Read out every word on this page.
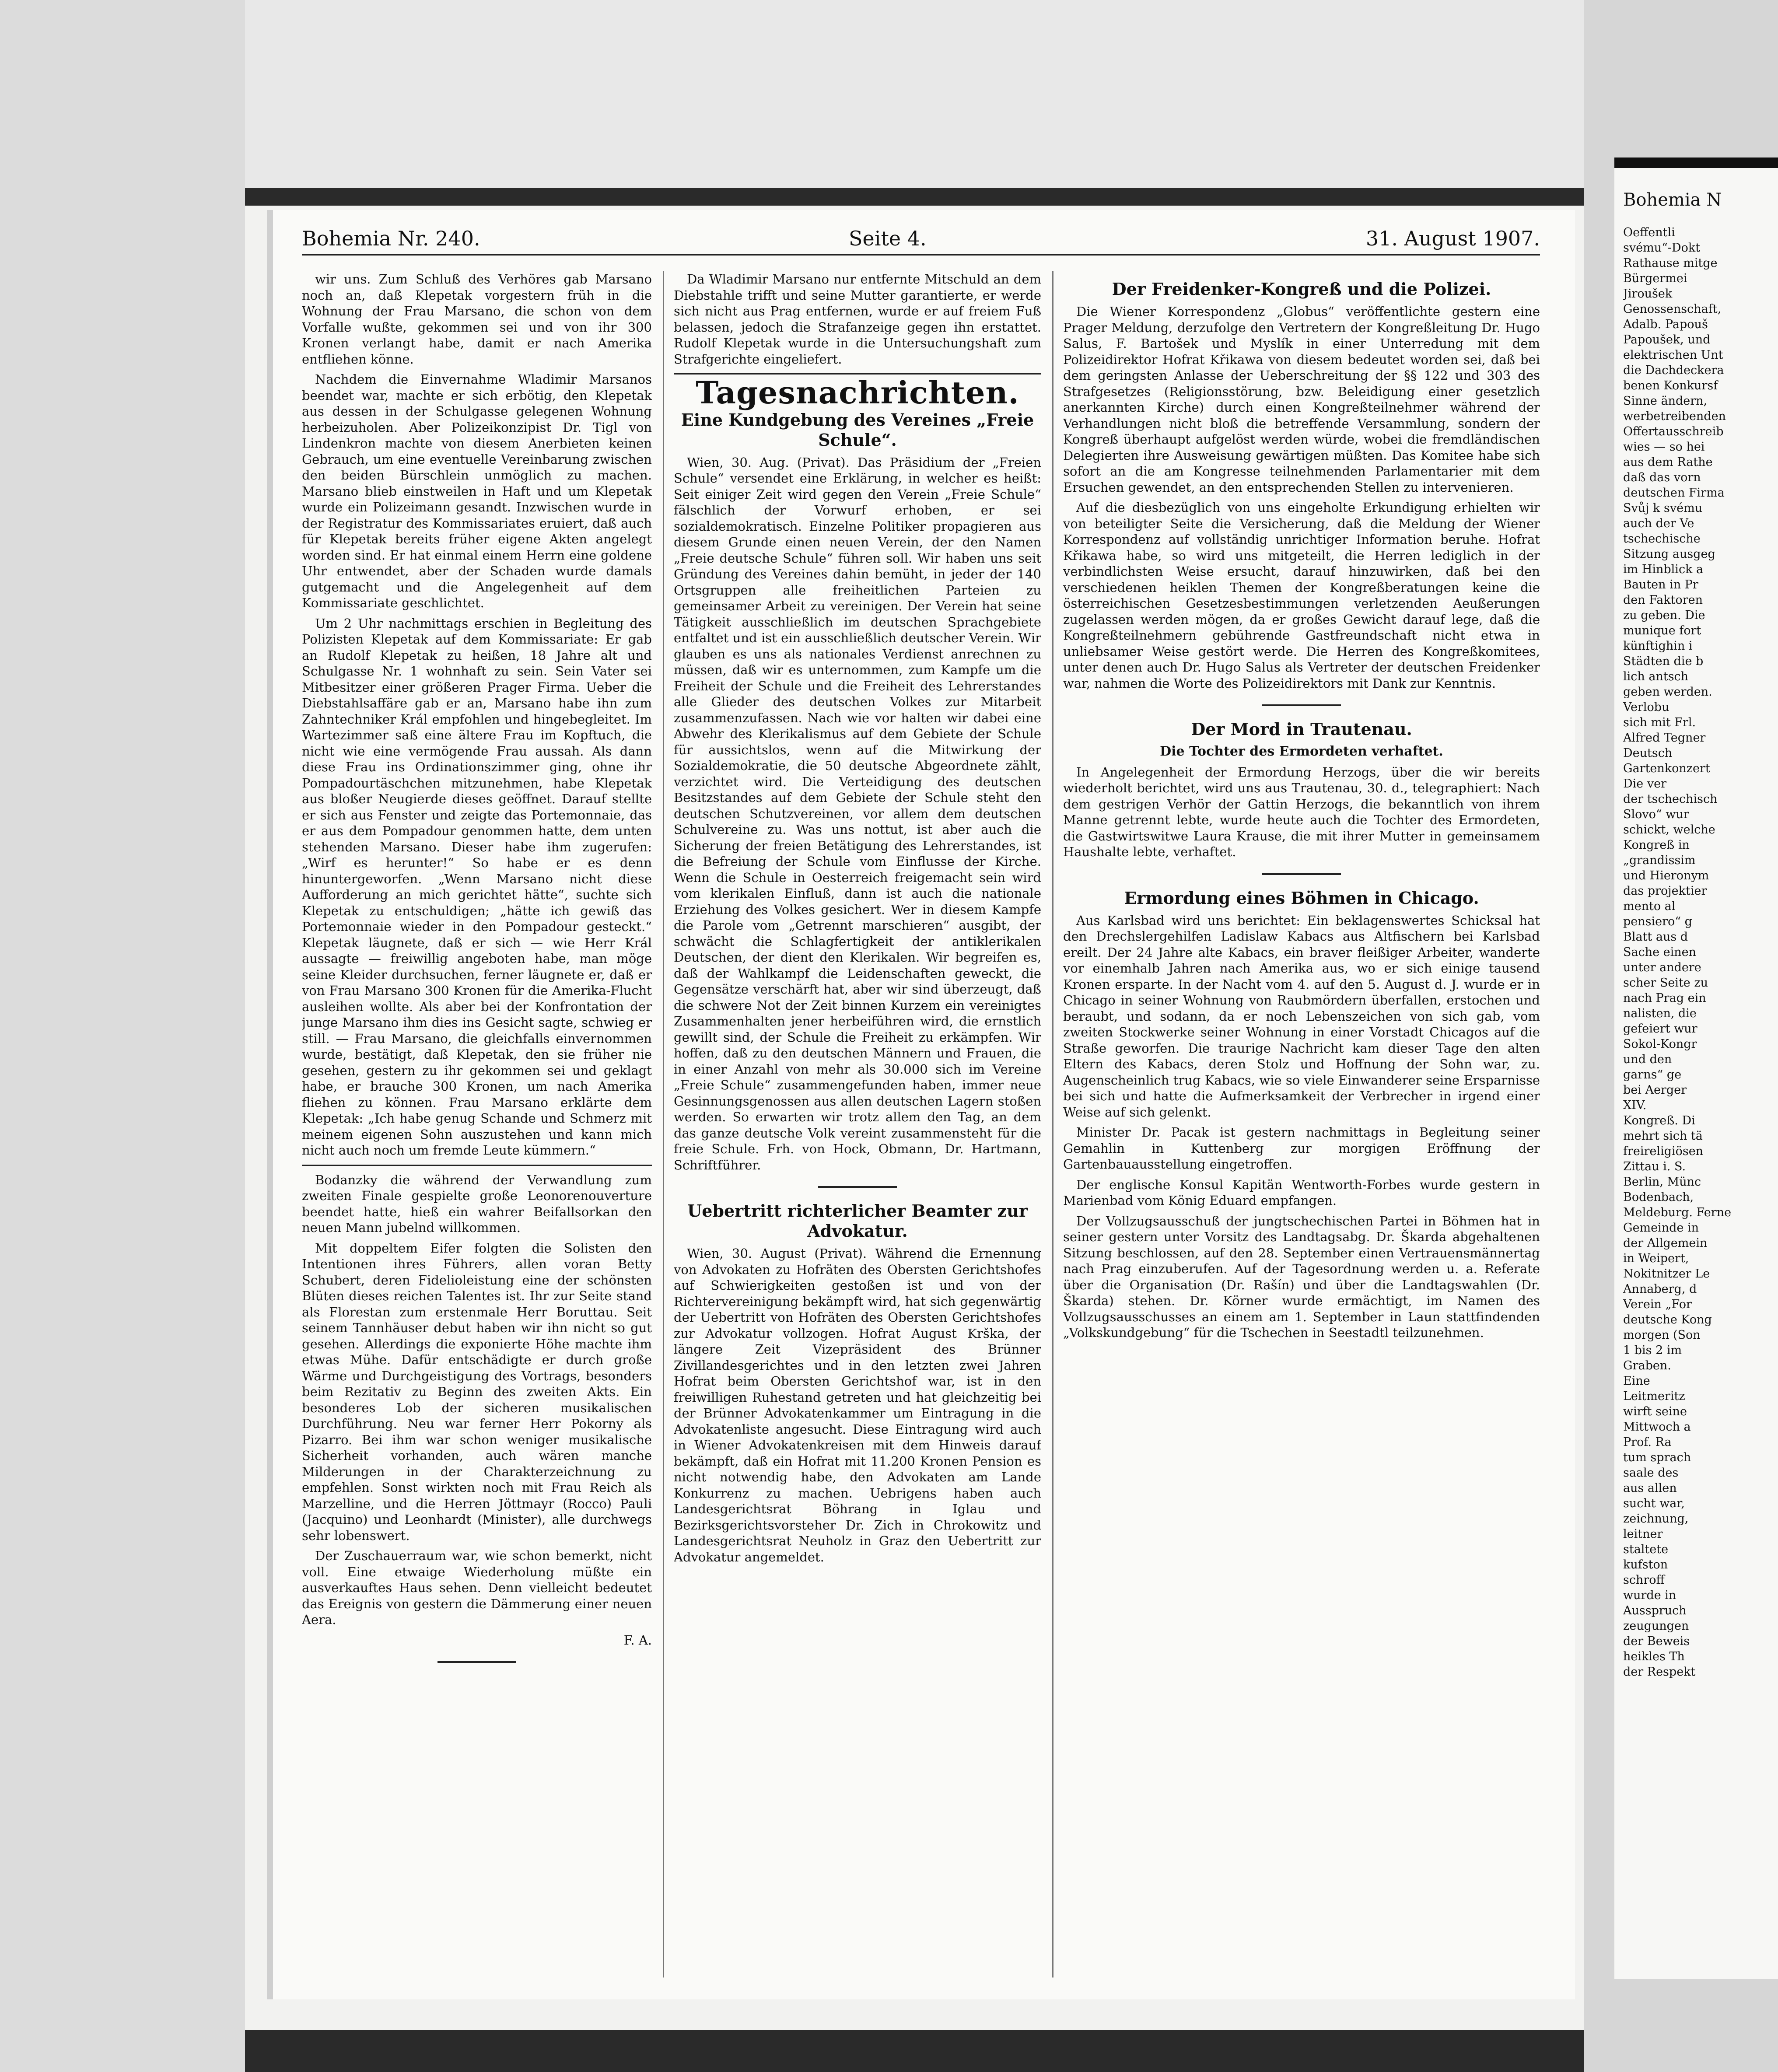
Bohemia Nr. 240.	Seite 4.	31. August 1907.

wir uns. Zum Schluß des Verhöres gab Marsano noch an, daß Klepetak vorgestern früh in die Wohnung der Frau Marsano, die schon von dem Vorfalle wußte, gekommen sei und von ihr 300 Kronen verlangt habe, damit er nach Amerika entfliehen könne.

Nachdem die Einvernahme Wladimir Marsanos beendet war, machte er sich erbötig, den Klepetak aus dessen in der Schulgasse gelegenen Wohnung herbeizuholen. Aber Polizeikonzipist Dr. Tigl von Lindenkron machte von diesem Anerbieten keinen Gebrauch, um eine eventuelle Vereinbarung zwischen den beiden Bürschlein unmöglich zu machen. Marsano blieb einstweilen in Haft und um Klepetak wurde ein Polizeimann gesandt. Inzwischen wurde in der Registratur des Kommissariates eruiert, daß auch für Klepetak bereits früher eigene Akten angelegt worden sind. Er hat einmal einem Herrn eine goldene Uhr entwendet, aber der Schaden wurde damals gutgemacht und die Angelegenheit auf dem Kommissariate geschlichtet.

Um 2 Uhr nachmittags erschien in Begleitung des Polizisten Klepetak auf dem Kommissariate: Er gab an Rudolf Klepetak zu heißen, 18 Jahre alt und Schulgasse Nr. 1 wohnhaft zu sein. Sein Vater sei Mitbesitzer einer größeren Prager Firma. Ueber die Diebstahlsaffäre gab er an, Marsano habe ihn zum Zahntechniker Král empfohlen und hingebegleitet. Im Wartezimmer saß eine ältere Frau im Kopftuch, die nicht wie eine vermögende Frau aussah. Als dann diese Frau ins Ordinationszimmer ging, ohne ihr Pompadourtäschchen mitzunehmen, habe Klepetak aus bloßer Neugierde dieses geöffnet. Darauf stellte er sich aus Fenster und zeigte das Portemonnaie, das er aus dem Pompadour genommen hatte, dem unten stehenden Marsano. Dieser habe ihm zugerufen: „Wirf es herunter!“ So habe er es denn hinuntergeworfen. „Wenn Marsano nicht diese Aufforderung an mich gerichtet hätte“, suchte sich Klepetak zu entschuldigen; „hätte ich gewiß das Portemonnaie wieder in den Pompadour gesteckt.“ Klepetak läugnete, daß er sich — wie Herr Král aussagte — freiwillig angeboten habe, man möge seine Kleider durchsuchen, ferner läugnete er, daß er von Frau Marsano 300 Kronen für die Amerika-Flucht ausleihen wollte. Als aber bei der Konfrontation der junge Marsano ihm dies ins Gesicht sagte, schwieg er still. — Frau Marsano, die gleichfalls einvernommen wurde, bestätigt, daß Klepetak, den sie früher nie gesehen, gestern zu ihr gekommen sei und geklagt habe, er brauche 300 Kronen, um nach Amerika fliehen zu können. Frau Marsano erklärte dem Klepetak: „Ich habe genug Schande und Schmerz mit meinem eigenen Sohn auszustehen und kann mich nicht auch noch um fremde Leute kümmern.“

Bodanzky die während der Verwandlung zum zweiten Finale gespielte große Leonorenouverture beendet hatte, hieß ein wahrer Beifallsorkan den neuen Mann jubelnd willkommen.

Mit doppeltem Eifer folgten die Solisten den Intentionen ihres Führers, allen voran Betty Schubert, deren Fidelioleistung eine der schönsten Blüten dieses reichen Talentes ist. Ihr zur Seite stand als Florestan zum erstenmale Herr Boruttau. Seit seinem Tannhäuser debut haben wir ihn nicht so gut gesehen. Allerdings die exponierte Höhe machte ihm etwas Mühe. Dafür entschädigte er durch große Wärme und Durchgeistigung des Vortrags, besonders beim Rezitativ zu Beginn des zweiten Akts. Ein besonderes Lob der sicheren musikalischen Durchführung. Neu war ferner Herr Pokorny als Pizarro. Bei ihm war schon weniger musikalische Sicherheit vorhanden, auch wären manche Milderungen in der Charakterzeichnung zu empfehlen. Sonst wirkten noch mit Frau Reich als Marzelline, und die Herren Jöttmayr (Rocco) Pauli (Jacquino) und Leonhardt (Minister), alle durchwegs sehr lobenswert.

Der Zuschauerraum war, wie schon bemerkt, nicht voll. Eine etwaige Wiederholung müßte ein ausverkauftes Haus sehen. Denn vielleicht bedeutet das Ereignis von gestern die Dämmerung einer neuen Aera.

F. A.

Da Wladimir Marsano nur entfernte Mitschuld an dem Diebstahle trifft und seine Mutter garantierte, er werde sich nicht aus Prag entfernen, wurde er auf freiem Fuß belassen, jedoch die Strafanzeige gegen ihn erstattet. Rudolf Klepetak wurde in die Untersuchungshaft zum Strafgerichte eingeliefert.

Tagesnachrichten.
Eine Kundgebung des Vereines „Freie Schule“.

Wien, 30. Aug. (Privat). Das Präsidium der „Freien Schule“ versendet eine Erklärung, in welcher es heißt: Seit einiger Zeit wird gegen den Verein „Freie Schule“ fälschlich der Vorwurf erhoben, er sei sozialdemokratisch. Einzelne Politiker propagieren aus diesem Grunde einen neuen Verein, der den Namen „Freie deutsche Schule“ führen soll. Wir haben uns seit Gründung des Vereines dahin bemüht, in jeder der 140 Ortsgruppen alle freiheitlichen Parteien zu gemeinsamer Arbeit zu vereinigen. Der Verein hat seine Tätigkeit ausschließlich im deutschen Sprachgebiete entfaltet und ist ein ausschließlich deutscher Verein. Wir glauben es uns als nationales Verdienst anrechnen zu müssen, daß wir es unternommen, zum Kampfe um die Freiheit der Schule und die Freiheit des Lehrerstandes alle Glieder des deutschen Volkes zur Mitarbeit zusammenzufassen. Nach wie vor halten wir dabei eine Abwehr des Klerikalismus auf dem Gebiete der Schule für aussichtslos, wenn auf die Mitwirkung der Sozialdemokratie, die 50 deutsche Abgeordnete zählt, verzichtet wird. Die Verteidigung des deutschen Besitzstandes auf dem Gebiete der Schule steht den deutschen Schutzvereinen, vor allem dem deutschen Schulvereine zu. Was uns nottut, ist aber auch die Sicherung der freien Betätigung des Lehrerstandes, ist die Befreiung der Schule vom Einflusse der Kirche. Wenn die Schule in Oesterreich freigemacht sein wird vom klerikalen Einfluß, dann ist auch die nationale Erziehung des Volkes gesichert. Wer in diesem Kampfe die Parole vom „Getrennt marschieren“ ausgibt, der schwächt die Schlagfertigkeit der antiklerikalen Deutschen, der dient den Klerikalen. Wir begreifen es, daß der Wahlkampf die Leidenschaften geweckt, die Gegensätze verschärft hat, aber wir sind überzeugt, daß die schwere Not der Zeit binnen Kurzem ein vereinigtes Zusammenhalten jener herbeiführen wird, die ernstlich gewillt sind, der Schule die Freiheit zu erkämpfen. Wir hoffen, daß zu den deutschen Männern und Frauen, die in einer Anzahl von mehr als 30.000 sich im Vereine „Freie Schule“ zusammengefunden haben, immer neue Gesinnungsgenossen aus allen deutschen Lagern stoßen werden. So erwarten wir trotz allem den Tag, an dem das ganze deutsche Volk vereint zusammensteht für die freie Schule. Frh. von Hock, Obmann, Dr. Hartmann, Schriftführer.

Uebertritt richterlicher Beamter zur Advokatur.

Wien, 30. August (Privat). Während die Ernennung von Advokaten zu Hofräten des Obersten Gerichtshofes auf Schwierigkeiten gestoßen ist und von der Richtervereinigung bekämpft wird, hat sich gegenwärtig der Uebertritt von Hofräten des Obersten Gerichtshofes zur Advokatur vollzogen. Hofrat August Krška, der längere Zeit Vizepräsident des Brünner Zivillandesgerichtes und in den letzten zwei Jahren Hofrat beim Obersten Gerichtshof war, ist in den freiwilligen Ruhestand getreten und hat gleichzeitig bei der Brünner Advokatenkammer um Eintragung in die Advokatenliste angesucht. Diese Eintragung wird auch in Wiener Advokatenkreisen mit dem Hinweis darauf bekämpft, daß ein Hofrat mit 11.200 Kronen Pension es nicht notwendig habe, den Advokaten am Lande Konkurrenz zu machen. Uebrigens haben auch Landesgerichtsrat Böhrang in Iglau und Bezirksgerichtsvorsteher Dr. Zich in Chrokowitz und Landesgerichtsrat Neuholz in Graz den Uebertritt zur Advokatur angemeldet.

Der Freidenker-Kongreß und die Polizei.

Die Wiener Korrespondenz „Globus“ veröffentlichte gestern eine Prager Meldung, derzufolge den Vertretern der Kongreßleitung Dr. Hugo Salus, F. Bartošek und Myslík in einer Unterredung mit dem Polizeidirektor Hofrat Křikawa von diesem bedeutet worden sei, daß bei dem geringsten Anlasse der Ueberschreitung der §§ 122 und 303 des Strafgesetzes (Religionsstörung, bzw. Beleidigung einer gesetzlich anerkannten Kirche) durch einen Kongreßteilnehmer während der Verhandlungen nicht bloß die betreffende Versammlung, sondern der Kongreß überhaupt aufgelöst werden würde, wobei die fremdländischen Delegierten ihre Ausweisung gewärtigen müßten. Das Komitee habe sich sofort an die am Kongresse teilnehmenden Parlamentarier mit dem Ersuchen gewendet, an den entsprechenden Stellen zu intervenieren.

Auf die diesbezüglich von uns eingeholte Erkundigung erhielten wir von beteiligter Seite die Versicherung, daß die Meldung der Wiener Korrespondenz auf vollständig unrichtiger Information beruhe. Hofrat Křikawa habe, so wird uns mitgeteilt, die Herren lediglich in der verbindlichsten Weise ersucht, darauf hinzuwirken, daß bei den verschiedenen heiklen Themen der Kongreßberatungen keine die österreichischen Gesetzesbestimmungen verletzenden Aeußerungen zugelassen werden mögen, da er großes Gewicht darauf lege, daß die Kongreßteilnehmern gebührende Gastfreundschaft nicht etwa in unliebsamer Weise gestört werde. Die Herren des Kongreßkomitees, unter denen auch Dr. Hugo Salus als Vertreter der deutschen Freidenker war, nahmen die Worte des Polizeidirektors mit Dank zur Kenntnis.

Der Mord in Trautenau.
Die Tochter des Ermordeten verhaftet.

In Angelegenheit der Ermordung Herzogs, über die wir bereits wiederholt berichtet, wird uns aus Trautenau, 30. d., telegraphiert: Nach dem gestrigen Verhör der Gattin Herzogs, die bekanntlich von ihrem Manne getrennt lebte, wurde heute auch die Tochter des Ermordeten, die Gastwirtswitwe Laura Krause, die mit ihrer Mutter in gemeinsamem Haushalte lebte, verhaftet.

Ermordung eines Böhmen in Chicago.

Aus Karlsbad wird uns berichtet: Ein beklagenswertes Schicksal hat den Drechslergehilfen Ladislaw Kabacs aus Altfischern bei Karlsbad ereilt. Der 24 Jahre alte Kabacs, ein braver fleißiger Arbeiter, wanderte vor einemhalb Jahren nach Amerika aus, wo er sich einige tausend Kronen ersparte. In der Nacht vom 4. auf den 5. August d. J. wurde er in Chicago in seiner Wohnung von Raubmördern überfallen, erstochen und beraubt, und sodann, da er noch Lebenszeichen von sich gab, vom zweiten Stockwerke seiner Wohnung in einer Vorstadt Chicagos auf die Straße geworfen. Die traurige Nachricht kam dieser Tage den alten Eltern des Kabacs, deren Stolz und Hoffnung der Sohn war, zu. Augenscheinlich trug Kabacs, wie so viele Einwanderer seine Ersparnisse bei sich und hatte die Aufmerksamkeit der Verbrecher in irgend einer Weise auf sich gelenkt.

Minister Dr. Pacak ist gestern nachmittags in Begleitung seiner Gemahlin in Kuttenberg zur morgigen Eröffnung der Gartenbauausstellung eingetroffen.

Der englische Konsul Kapitän Wentworth-Forbes wurde gestern in Marienbad vom König Eduard empfangen.

Der Vollzugsausschuß der jungtschechischen Partei in Böhmen hat in seiner gestern unter Vorsitz des Landtagsabg. Dr. Škarda abgehaltenen Sitzung beschlossen, auf den 28. September einen Vertrauensmännertag nach Prag einzuberufen. Auf der Tagesordnung werden u. a. Referate über die Organisation (Dr. Rašín) und über die Landtagswahlen (Dr. Škarda) stehen. Dr. Körner wurde ermächtigt, im Namen des Vollzugsausschusses an einem am 1. September in Laun stattfindenden „Volkskundgebung“ für die Tschechen in Seestadtl teilzunehmen.

Bohemia N
Oeffentli
svému“-Dokt
Rathause mitge
Bürgermei
Jiroušek
Genossenschaft,
Adalb. Papouš
Papoušek, und
elektrischen Unt
die Dachdeckera
benen Konkursf
Sinne ändern,
werbetreibenden
Offertausschreib
wies — so hei
aus dem Rathe
daß das vorn
deutschen Firma
Svůj k svému
auch der Ve
tschechische
Sitzung ausgeg
im Hinblick a
Bauten in Pr
den Faktoren
zu geben. Die
munique fort
künftighin i
Städten die b
lich antsch
geben werden.
Verlobu
sich mit Frl.
Alfred Tegner
Deutsch
Gartenkonzert
Die ver
der tschechisch
Slovo“ wur
schickt, welche
Kongreß in
„grandissim
und Hieronym
das projektier
mento al
pensiero“ g
Blatt aus d
Sache einen
unter andere
scher Seite zu
nach Prag ein
nalisten, die
gefeiert wur
Sokol-Kongr
und den
garns“ ge
bei Aerger
XIV.
Kongreß. Di
mehrt sich tä
freireligiösen
Zittau i. S.
Berlin, Münc
Bodenbach,
Meldeburg. Ferne
Gemeinde in
der Allgemein
in Weipert,
Nokitnitzer Le
Annaberg, d
Verein „For
deutsche Kong
morgen (Son
1 bis 2 im
Graben.
Eine
Leitmeritz
wirft seine
Mittwoch a
Prof. Ra
tum sprach
saale des
aus allen
sucht war,
zeichnung,
leitner
staltete
kufston
schroff
wurde in
Ausspruch
zeugungen
der Beweis
heikles Th
der Respekt
